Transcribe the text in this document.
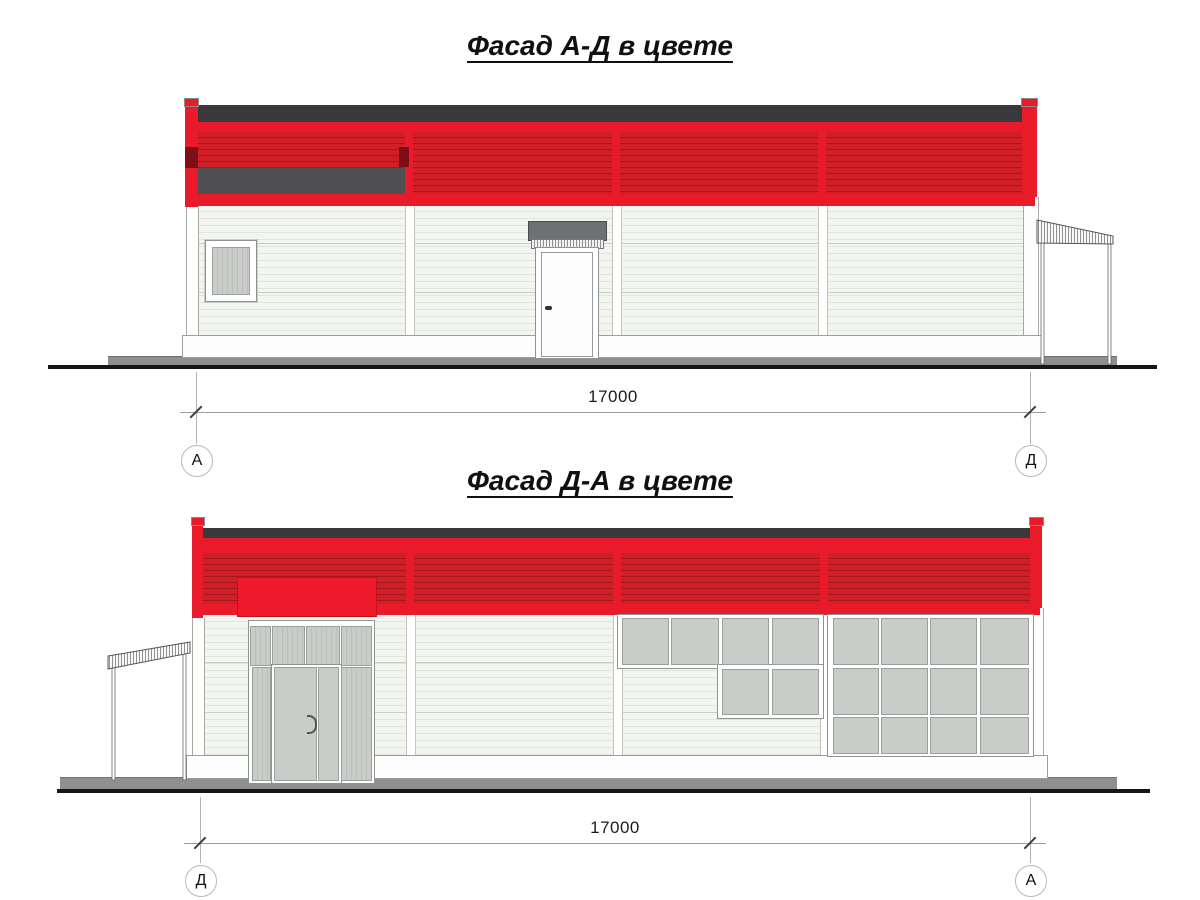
Фасад А-Д в цвете
17000
А	Д
Фасад Д-А в цвете
17000
Д	А
